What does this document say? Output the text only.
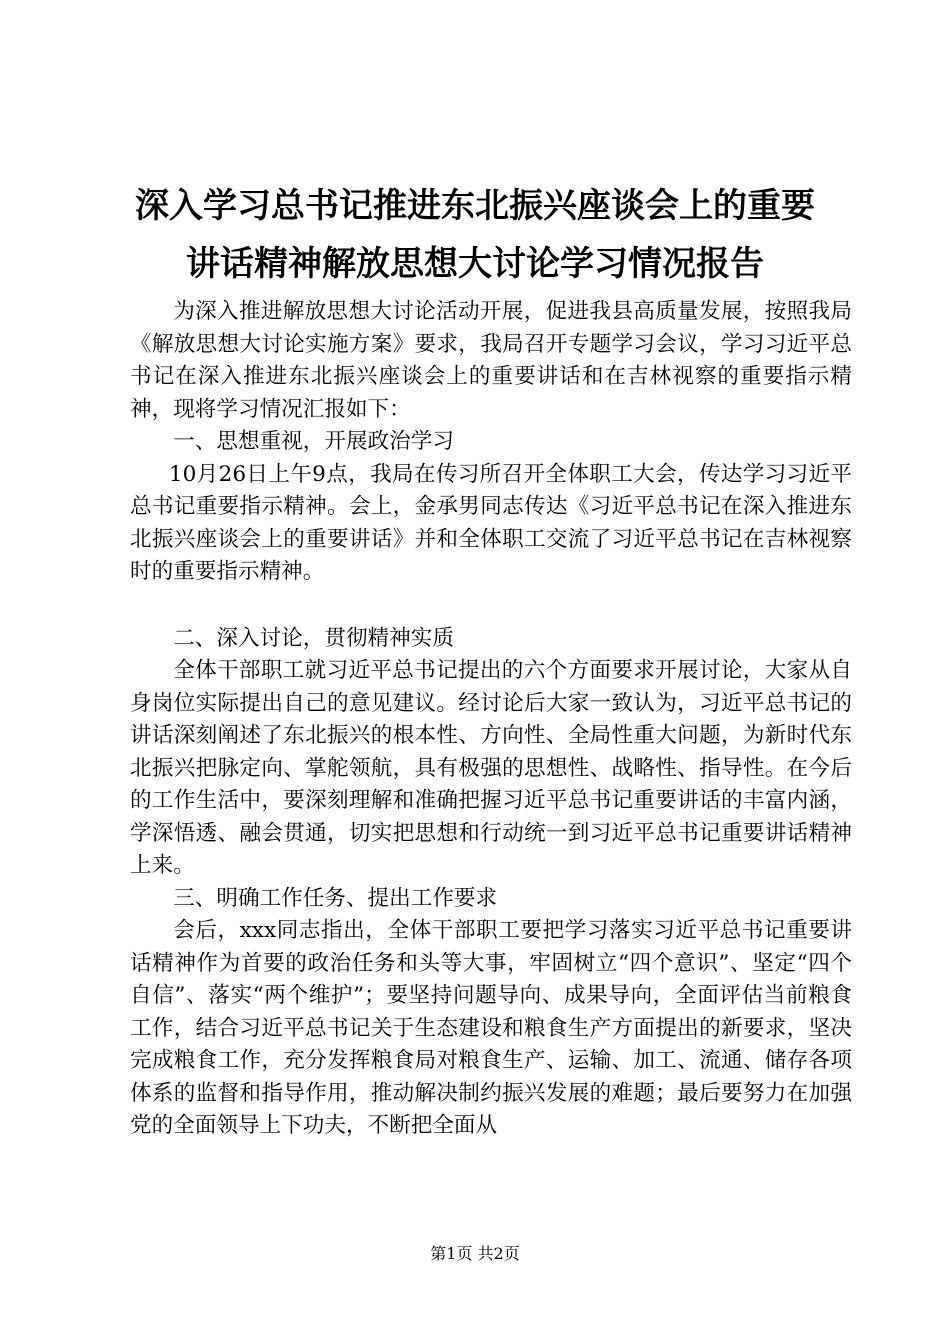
深入学习总书记推进东北振兴座谈会上的重要
讲话精神解放思想大讨论学习情况报告

为深入推进解放思想大讨论活动开展，促进我县高质量发展，按照我局《解放思想大讨论实施方案》要求，我局召开专题学习会议，学习习近平总书记在深入推进东北振兴座谈会上的重要讲话和在吉林视察的重要指示精神，现将学习情况汇报如下：

一、思想重视，开展政治学习

10月26日上午9点，我局在传习所召开全体职工大会，传达学习习近平总书记重要指示精神。会上，金承男同志传达《习近平总书记在深入推进东北振兴座谈会上的重要讲话》并和全体职工交流了习近平总书记在吉林视察时的重要指示精神。

二、深入讨论，贯彻精神实质

全体干部职工就习近平总书记提出的六个方面要求开展讨论，大家从自身岗位实际提出自己的意见建议。经讨论后大家一致认为，习近平总书记的讲话深刻阐述了东北振兴的根本性、方向性、全局性重大问题，为新时代东北振兴把脉定向、掌舵领航，具有极强的思想性、战略性、指导性。在今后的工作生活中，要深刻理解和准确把握习近平总书记重要讲话的丰富内涵，学深悟透、融会贯通，切实把思想和行动统一到习近平总书记重要讲话精神上来。

三、明确工作任务、提出工作要求

会后，xxx同志指出，全体干部职工要把学习落实习近平总书记重要讲话精神作为首要的政治任务和头等大事，牢固树立“四个意识”、坚定“四个自信”、落实“两个维护”；要坚持问题导向、成果导向，全面评估当前粮食工作，结合习近平总书记关于生态建设和粮食生产方面提出的新要求，坚决完成粮食工作，充分发挥粮食局对粮食生产、运输、加工、流通、储存各项体系的监督和指导作用，推动解决制约振兴发展的难题；最后要努力在加强党的全面领导上下功夫，不断把全面从

第1页 共2页
